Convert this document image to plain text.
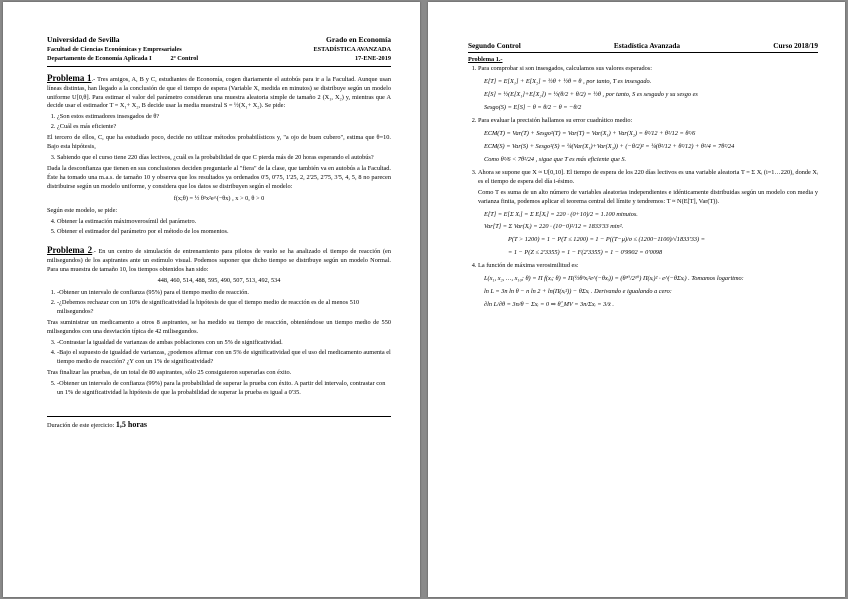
Universidad de Sevilla
Facultad de Ciencias Económicas y Empresariales
Departamento de Economía Aplicada I	2º Control
Grado en Economía
ESTADÍSTICA AVANZADA
17-ENE-2019

Problema 1.- Tres amigos, A, B y C, estudiantes de Economía, cogen diariamente el autobús para ir a la Facultad. Aunque usan líneas distintas, han llegado a la conclusión de que el tiempo de espera (Variable X, medida en minutos) se distribuye según un modelo uniforme U[0,θ]. Para estimar el valor del parámetro consideran una muestra aleatoria simple de tamaño 2 (X₁, X₂) y, mientras que A decide usar el estimador T = X₁+ X₂, B decide usar la media muestral S = ½(X₁+ X₂). Se pide:

1. ¿Son estos estimadores insesgados de θ?
2. ¿Cuál es más eficiente?

El tercero de ellos, C, que ha estudiado poco, decide no utilizar métodos probabilísticos y, "a ojo de buen cubero", estima que θ=10. Bajo esta hipótesis,

3. Sabiendo que el curso tiene 220 días lectivos, ¿cuál es la probabilidad de que C pierda más de 20 horas esperando el autobús?

Dada la desconfianza que tienen en sus conclusiones deciden preguntarle al "fiera" de la clase, que también va en autobús a la Facultad. Éste ha tomado una m.a.s. de tamaño 10 y observa que los resultados ya ordenados 0'5, 0'75, 1'25, 2, 2'25, 2'75, 3'5, 4, 5, 8 no parecen distribuirse según un modelo uniforme, y considera que los datos se distribuyen según el modelo:

f(x;θ) = ½ θ³x²e^(−θx) , x > 0, θ > 0

Según este modelo, se pide:

4. Obtener la estimación máximoverosímil del parámetro.
5. Obtener el estimador del parámetro por el método de los momentos.

Problema 2.- En un centro de simulación de entrenamiento para pilotos de vuelo se ha analizado el tiempo de reacción (en milisegundos) de los aspirantes ante un estímulo visual. Podemos suponer que dicho tiempo se distribuye según un modelo Normal. Para una muestra de tamaño 10, los tiempos obtenidos han sido:

448, 460, 514, 488, 595, 490, 507, 513, 492, 534
1. -Obtener un intervalo de confianza (95%) para el tiempo medio de reacción.
2. -¿Debemos rechazar con un 10% de significatividad la hipótesis de que el tiempo medio de reacción es de al menos 510 milisegundos?

Tras suministrar un medicamento a otros 8 aspirantes, se ha medido su tiempo de reacción, obteniéndose un tiempo medio de 550 milisegundos con una desviación típica de 42 milisegundos.

3. -Contrastar la igualdad de varianzas de ambas poblaciones con un 5% de significatividad.
4. -Bajo el supuesto de igualdad de varianzas, ¿podemos afirmar con un 5% de significatividad que el uso del medicamento aumenta el tiempo medio de reacción? ¿Y con un 1% de significatividad?

Tras finalizar las pruebas, de un total de 80 aspirantes, sólo 25 consiguieron superarlas con éxito.

5. -Obtener un intervalo de confianza (99%) para la probabilidad de superar la prueba con éxito. A partir del intervalo, contrastar con un 1% de significatividad la hipótesis de que la probabilidad de superar la prueba es igual a 0'35.
Duración de este ejercicio: 1,5 horas
Segundo Control	Estadística Avanzada	Curso 2018/19
Problema 1.-
1. Para comprobar si son insesgados, calculamos sus valores esperados:
E[T] = E[X₁] + E[X₂] = ½θ + ½θ = θ , por tanto, T es insesgado.
E[S] = ½(E[X₁]+E[X₂]) = ½(θ/2 + θ/2) = ½θ , por tanto, S es sesgado y su sesgo es
Sesgo(S) = E[S] − θ = θ/2 − θ = −θ/2
2. Para evaluar la precisión hallamos su error cuadrático medio:
ECM(T) = Var(T) + Sesgo²(T) = Var(T) = Var(X₁) + Var(X₂) = θ²/12 + θ²/12 = θ²/6
ECM(S) = Var(S) + Sesgo²(S) = ¼(Var(X₁)+Var(X₂)) + (−θ/2)² = ¼(θ²/12 + θ²/12) + θ²/4 = 7θ²/24
Como θ²/6 < 7θ²/24 , sigue que T es más eficiente que S.

3. Ahora se supone que X ≈ U[0,10]. El tiempo de espera de los 220 días lectivos es una variable aleatoria T = Σ Xᵢ (i=1…220), donde Xᵢ es el tiempo de espera del día i-ésimo.

Como T es suma de un alto número de variables aleatorias independientes e idénticamente distribuidas según un modelo con media y varianza finita, podemos aplicar el teorema central del límite y tendremos: T ≈ N(E[T], Var(T)).

E[T] = E[Σ Xᵢ] = Σ E[Xᵢ] = 220 · (0+10)/2 = 1.100 minutos.
Var[T] = Σ Var(Xᵢ) = 220 · (10−0)²/12 = 1833'33 min².
P(T > 1200) = 1 − P(T ≤ 1200) = 1 − P((T−μ)/σ ≤ (1200−1100)/√1833'33) =
= 1 − P(Z ≤ 2'3355) = 1 − F(2'3355) = 1 − 0'9902 = 0'0098
4. La función de máxima verosimilitud es:
L(x₁, x₂, …, x₁₀; θ) = Π f(xᵢ; θ) = Π(½θ³xᵢ²e^(−θxᵢ)) = (θ³⁰/2¹⁰) Π(xᵢ)² · e^(−θΣxᵢ) . Tomamos logaritmo:
ln L = 3n ln θ − n ln 2 + ln(Π(xᵢ²)) − θΣxᵢ . Derivando e igualando a cero:
∂ln L/∂θ = 3n/θ − Σxᵢ = 0 ⇒ θ̂_MV = 3n/Σxᵢ = 3/x̄ .
